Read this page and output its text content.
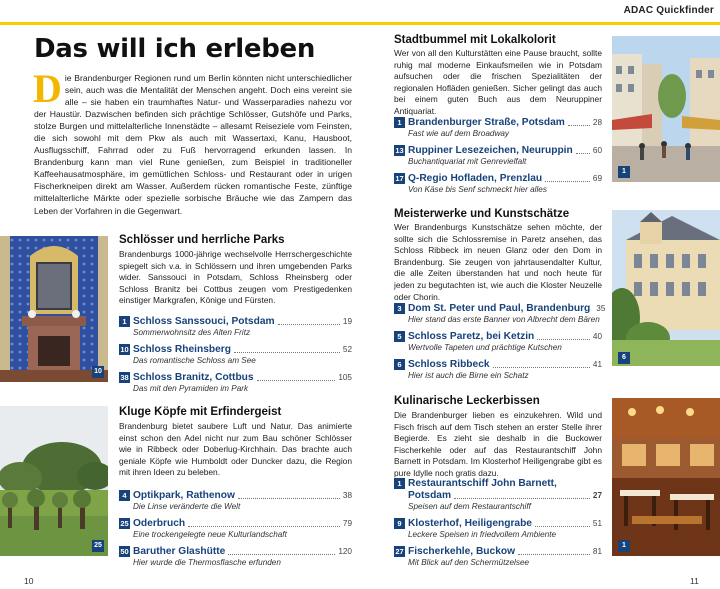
ADAC Quickfinder
Das will ich erleben
D ie Brandenburger Regionen rund um Berlin könnten nicht unterschiedlicher sein, auch was die Mentalität der Menschen angeht. Doch eins vereint sie alle – sie haben ein traumhaftes Natur- und Wasserparadies nahezu vor der Haustür. Dazwischen befinden sich prächtige Schlösser, Gutshöfe und Parks, stolze Burgen und mittelalterliche Innenstädte – allesamt Reiseziele vom Feinsten, die sich sowohl mit dem Pkw als auch mit Wassertaxi, Kanu, Hausboot, Ausflugsschiff, Fahrrad oder zu Fuß hervorragend erkunden lassen. In Brandenburg kann man viel Rune genießen, zum Beispiel in traditioneller Kaffeehausatmosphäre, im gemütlichen Schloss- und Restaurant oder in urigen Fischerkneipen direkt am Wasser. Außerdem rücken romantische Feste, zünftige mittelalterliche Märkte oder spezielle sorbische Bräuche wie das Zampern das Leben der Vorfahren in die Gegenwart.
10
Schlösser und herrliche Parks
Brandenburgs 1000-jährige wechselvolle Herrschergeschichte spiegelt sich v.a. in Schlössern und ihren umgebenden Parks wider. Sanssouci in Potsdam, Schloss Rheinsberg oder Schloss Branitz bei Cottbus zeugen vom Prestigedenken einstiger Markgrafen, Könige und Fürsten.
1 Schloss Sanssouci, Potsdam	19
Sommerwohnsitz des Alten Fritz
10 Schloss Rheinsberg	52
Das romantische Schloss am See
38 Schloss Branitz, Cottbus	105
Das mit den Pyramiden im Park
25
Kluge Köpfe mit Erfindergeist
Brandenburg bietet saubere Luft und Natur. Das animierte einst schon den Adel nicht nur zum Bau schöner Schlösser wie in Ribbeck oder Doberlug-Kirchhain. Das brachte auch geniale Köpfe wie Humboldt oder Duncker dazu, die Region mit ihren Ideen zu beleben.
4 Optikpark, Rathenow	38
Die Linse veränderte die Welt
25 Oderbruch	79
Eine trockengelegte neue Kulturlandschaft
50 Baruther Glashütte	120
Hier wurde die Thermosflasche erfunden
10
Stadtbummel mit Lokalkolorit
Wer von all den Kulturstätten eine Pause braucht, sollte ruhig mal moderne Einkaufsmeilen wie in Potsdam aufsuchen oder die frischen Spezialitäten der regionalen Hofläden genießen. Sicher gelingt das auch bei einem guten Buch aus dem Neuruppiner Antiquariat.
1 Brandenburger Straße, Potsdam	28
Fast wie auf dem Broadway
13 Ruppiner Lesezeichen, Neuruppin 60
Buchantiquariat mit Genrevielfalt
17 Q-Regio Hofladen, Prenzlau	69
Von Käse bis Senf schmeckt hier alles
1
Meisterwerke und Kunstschätze
Wer Brandenburgs Kunstschätze sehen möchte, der sollte sich die Schlossremise in Paretz ansehen, das Schloss Ribbeck im neuen Glanz oder den Dom in Brandenburg. Sie zeugen von jahrtausendalter Kultur, die alle Zeiten überstanden hat und noch heute für jeden zu begutachten ist, wie auch die Kloster Neuzelle oder Chorin.
3 Dom St. Peter und Paul, Brandenburg 35
Hier stand das erste Banner von Albrecht dem Bären
5 Schloss Paretz, bei Ketzin	40
Wertvolle Tapeten und prächtige Kutschen
6 Schloss Ribbeck	41
Hier ist auch die Birne ein Schatz
6
Kulinarische Leckerbissen
Die Brandenburger lieben es einzukehren. Wild und Fisch frisch auf dem Tisch stehen an erster Stelle ihrer Begierde. Es zieht sie deshalb in die Buckower Fischerkehle oder auf das Restaurantschiff John Barnett in Potsdam. Im Klosterhof Heiligengrabe gibt es pure Idylle noch gratis dazu.
1 Restaurantschiff John Barnett,
Potsdam	27
Speisen auf dem Restaurantschiff
9 Klosterhof, Heiligengrabe	51
Leckere Speisen in friedvollem Ambiente
27 Fischerkehle, Buckow	81
Mit Blick auf den Schermützelsee
1
11
